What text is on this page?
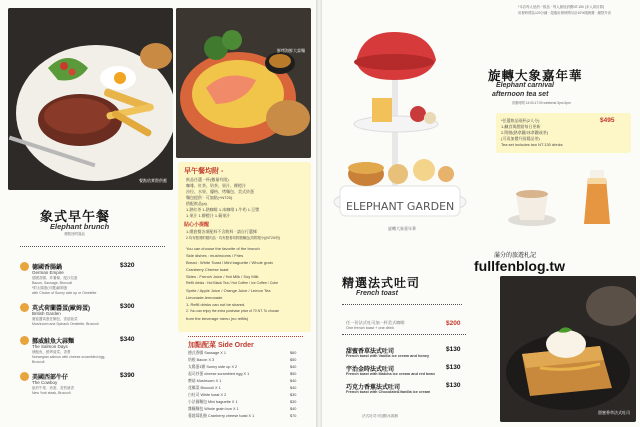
餐點依實際供應
鮮烤海鮮大蒜麵
早午餐均附 -
飲品任選一杯(數量有限)
咖啡、紅茶、奶茶、果汁、柳橙汁
沙拉、水果、優格、烤麵包、美式炒蛋
麵包提供 · 可加點(+NT20)
搭配飲品(a)
1.熱紅茶 1.熱咖啡 1.冰咖啡 1.牛奶 1.豆漿
1.果汁 1.柳橙汁 1.蘋果汁
貼心小提醒
1.總套餐各項配料不含飲料 · 請自行選擇
2.均有點餐附贈肉品 · 均有點餐均附贈麵包(均附贈小)(NT20/份)
You can choose the favorite of the brunch
Side dishes : mushrooms / Fries
Bread : White Toast / Mini baguette / Whole grain
Cranberry Cheese toast
Sides : French Juice / Hot Milk / Soy Milk
Refill drinks : Hot Black Tea / Hot Coffee / Ice Coffee / Coke
Sprite / Apple Juice / Orange Juice / Lemon Tea
Limonade-lemonade
1. Refill drinks can not be shared.
2. You can enjoy the extra purchase price of 70 NT. To choose
from the beverage menu (no refills)
象式早午餐
Elephant brunch
餐點皆附湯品
德國香腸鍋
German Empire
德國香腸、炸薯條、配沙拉蛋
Bacon, Sausage, Broccoli
*附太陽蛋(可選)歐姆蛋
with Choice of Sunny side up or Omelette
$320
英式荷蘭醬蛋(歐姆蛋)
British Garden
磨菇醬黃蛋佐麵包、香菇菠菜
Mushroom and Spinach Omelette, Broccoli
$300
挪威鮭魚大蒜麵
The Salmon Days
燻鮭魚、鮮烤菠菜、香蔥
Norwegian salmon with cheese scrambled egg,
Broccoli
$340
美國西部牛仔
The Cowboy
紐約牛排、炒蛋、香煎豬香
New York steak, Broccoli
$390
加點配菜 Side Order
德式香腸 Sausage X 1	$60
培根 Bacon X 3	$50
太陽蛋1顆 Sunny side up X 2	$40
起司炒蛋 cheese scrambled egg X 1	$50
磨菇 Mushroom X 1	$40
花椰菜 Broccoli X 1	$40
白吐司 White toast X 2	$30
小法國麵包 Mini baguette X 1	$30
雜糧麵包 Whole grain bun X 1	$40
蔓越莓乳酪 Cranberry cheese toast X 1	$70
*本店每人低消一飲品 · 每人最低消費NT.150 (未入席計算)
用餐時間為120分鐘 · 超過用餐時間另計10%服務費 · 嚴禁外食
ELEPHANT GARDEN
旋轉大象嘉年華
旋轉大象嘉年華
Elephant carnival
afternoon tea set
供應時間 14:00-17:00 weekend 3pm-5pm
*任選飲品兩杯(2人分)
1.鹹食與甜點每日更新
2.附贈(熱拿鐵/冰拿鐵或茶)
(可再加價升級精品茶)
Tea set includes two NT.130 drinks
$495
滿分的旅遊札記
fullfenblog.tw
精選法式吐司
French toast
任一份法式吐司加一杯美式咖啡
One french toast + one drink
$200
甜蜜香草法式吐司
French toast with Vanilla ice cream and honey
$130
宇治金時法式吐司
French toast with Matcha ice cream and red bean
$130
巧克力香蕉法式吐司
French toast with Chocolate&Vanilla ice cream
$130
法式吐司可加點冰淇淋
甜蜜香草法式吐司
